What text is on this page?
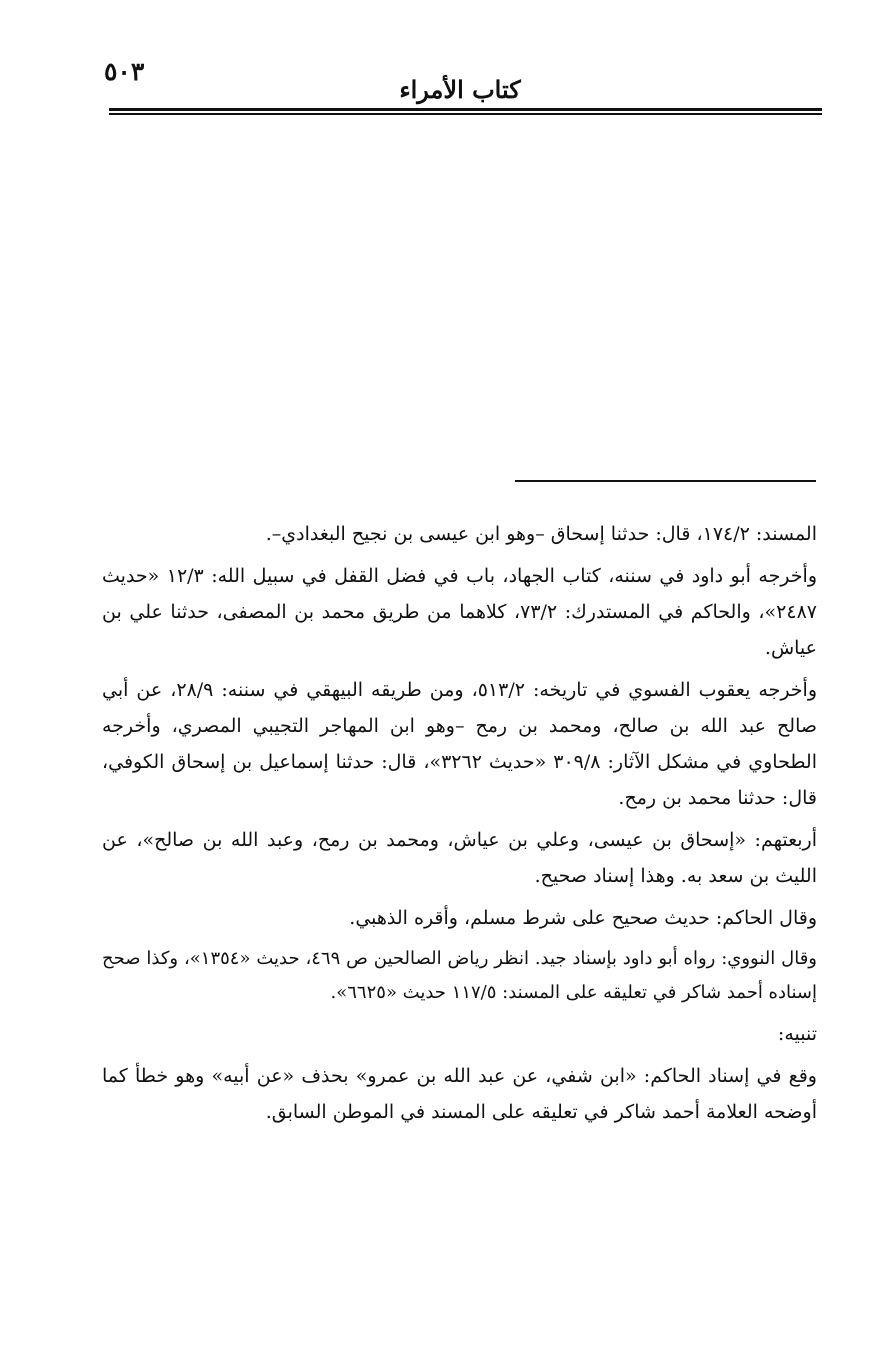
٥٠٣
كتاب الأمراء

المسند: ١٧٤/٢، قال: حدثنا إسحاق –وهو ابن عيسى بن نجيح البغدادي–.

وأخرجه أبو داود في سننه، كتاب الجهاد، باب في فضل القفل في سبيل الله: ١٢/٣ «حديث ٢٤٨٧»، والحاكم في المستدرك: ٧٣/٢، كلاهما من طريق محمد بن المصفى، حدثنا علي بن عياش.

وأخرجه يعقوب الفسوي في تاريخه: ٥١٣/٢، ومن طريقه البيهقي في سننه: ٢٨/٩، عن أبي صالح عبد الله بن صالح، ومحمد بن رمح –وهو ابن المهاجر التجيبي المصري، وأخرجه الطحاوي في مشكل الآثار: ٣٠٩/٨ «حديث ٣٢٦٢»، قال: حدثنا إسماعيل بن إسحاق الكوفي، قال: حدثنا محمد بن رمح.

أربعتهم: «إسحاق بن عيسى، وعلي بن عياش، ومحمد بن رمح، وعبد الله بن صالح»، عن الليث بن سعد به. وهذا إسناد صحيح.

وقال الحاكم: حديث صحيح على شرط مسلم، وأقره الذهبي.

وقال النووي: رواه أبو داود بإسناد جيد. انظر رياض الصالحين ص ٤٦٩، حديث «١٣٥٤»، وكذا صحح إسناده أحمد شاكر في تعليقه على المسند: ١١٧/٥ حديث «٦٦٢٥».

تنبيه:

وقع في إسناد الحاكم: «ابن شفي، عن عبد الله بن عمرو» بحذف «عن أبيه» وهو خطأ كما أوضحه العلامة أحمد شاكر في تعليقه على المسند في الموطن السابق.
